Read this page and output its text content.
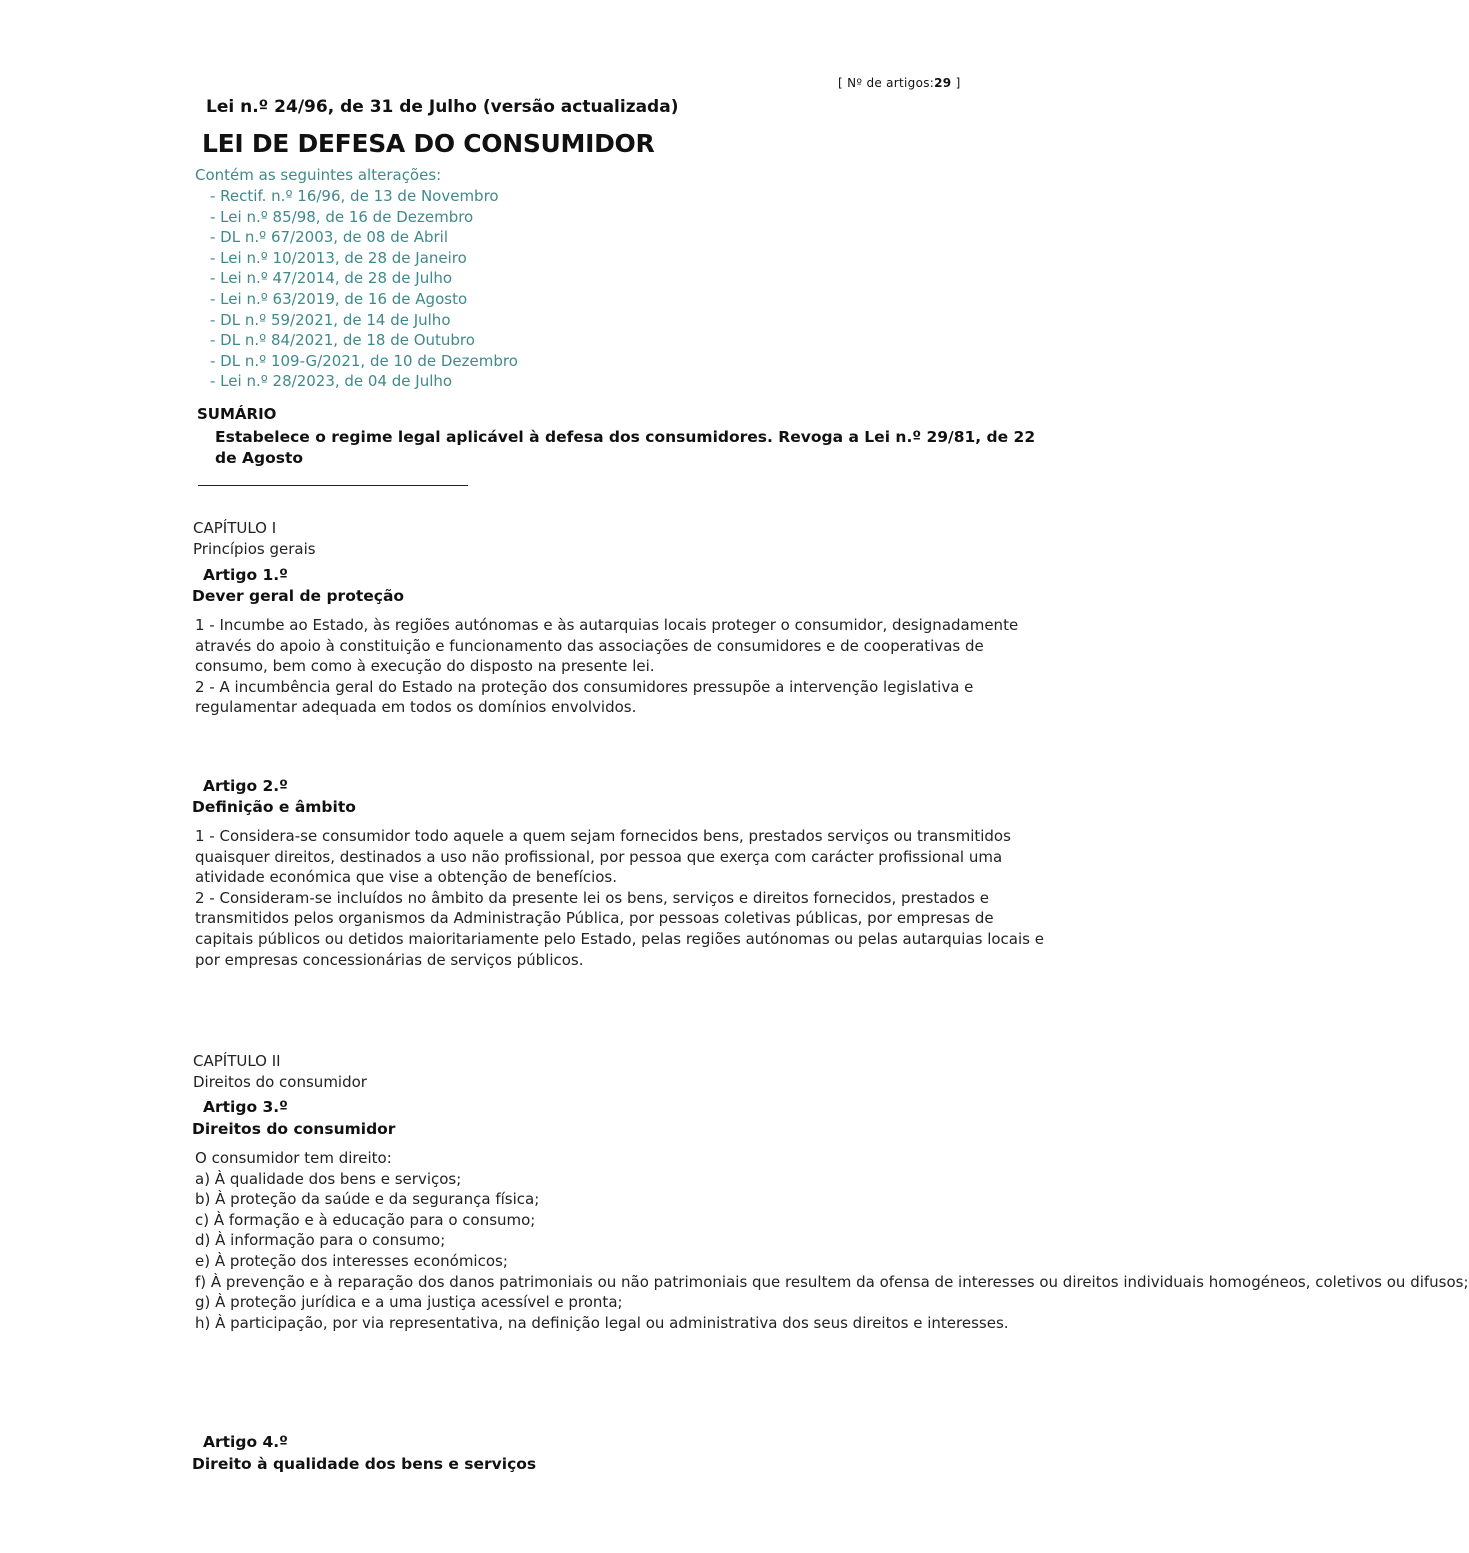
[ Nº de artigos:29 ]
Lei n.º 24/96, de 31 de Julho (versão actualizada)
LEI DE DEFESA DO CONSUMIDOR
Contém as seguintes alterações:
- Rectif. n.º 16/96, de 13 de Novembro
- Lei n.º 85/98, de 16 de Dezembro
- DL n.º 67/2003, de 08 de Abril
- Lei n.º 10/2013, de 28 de Janeiro
- Lei n.º 47/2014, de 28 de Julho
- Lei n.º 63/2019, de 16 de Agosto
- DL n.º 59/2021, de 14 de Julho
- DL n.º 84/2021, de 18 de Outubro
- DL n.º 109-G/2021, de 10 de Dezembro
- Lei n.º 28/2023, de 04 de Julho
SUMÁRIO
Estabelece o regime legal aplicável à defesa dos consumidores. Revoga a Lei n.º 29/81, de 22 de Agosto
CAPÍTULO I
Princípios gerais
Artigo 1.º
Dever geral de proteção
1 - Incumbe ao Estado, às regiões autónomas e às autarquias locais proteger o consumidor, designadamente através do apoio à constituição e funcionamento das associações de consumidores e de cooperativas de consumo, bem como à execução do disposto na presente lei.
2 - A incumbência geral do Estado na proteção dos consumidores pressupõe a intervenção legislativa e regulamentar adequada em todos os domínios envolvidos.
Artigo 2.º
Definição e âmbito
1 - Considera-se consumidor todo aquele a quem sejam fornecidos bens, prestados serviços ou transmitidos quaisquer direitos, destinados a uso não profissional, por pessoa que exerça com carácter profissional uma atividade económica que vise a obtenção de benefícios.
2 - Consideram-se incluídos no âmbito da presente lei os bens, serviços e direitos fornecidos, prestados e transmitidos pelos organismos da Administração Pública, por pessoas coletivas públicas, por empresas de capitais públicos ou detidos maioritariamente pelo Estado, pelas regiões autónomas ou pelas autarquias locais e por empresas concessionárias de serviços públicos.
CAPÍTULO II
Direitos do consumidor
Artigo 3.º
Direitos do consumidor
O consumidor tem direito:
a) À qualidade dos bens e serviços;
b) À proteção da saúde e da segurança física;
c) À formação e à educação para o consumo;
d) À informação para o consumo;
e) À proteção dos interesses económicos;
f) À prevenção e à reparação dos danos patrimoniais ou não patrimoniais que resultem da ofensa de interesses ou direitos individuais homogéneos, coletivos ou difusos;
g) À proteção jurídica e a uma justiça acessível e pronta;
h) À participação, por via representativa, na definição legal ou administrativa dos seus direitos e interesses.
Artigo 4.º
Direito à qualidade dos bens e serviços
